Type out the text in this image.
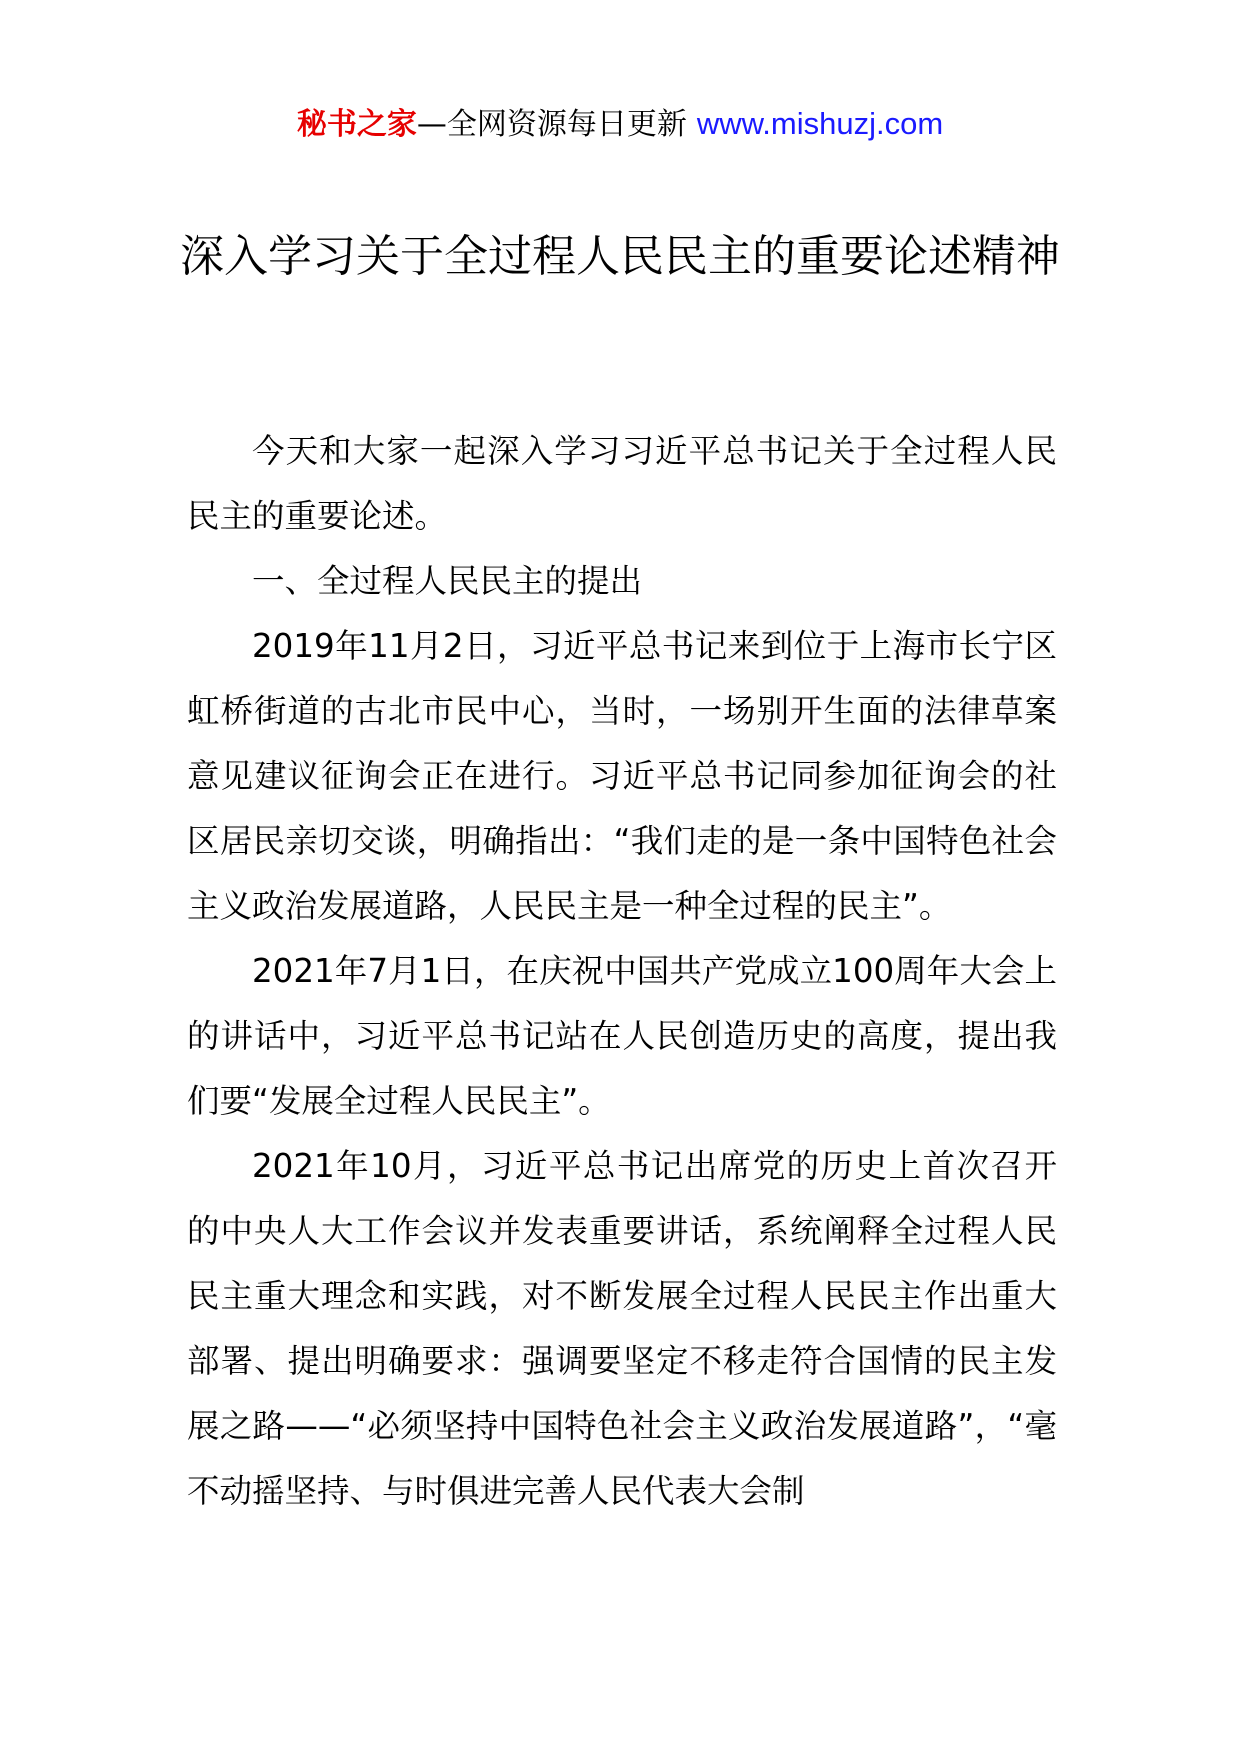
秘书之家—全网资源每日更新 www.mishuzj.com
深入学习关于全过程人民民主的重要论述精神

今天和大家一起深入学习习近平总书记关于全过程人民民主的重要论述。

一、全过程人民民主的提出

2019年11月2日，习近平总书记来到位于上海市长宁区虹桥街道的古北市民中心，当时，一场别开生面的法律草案意见建议征询会正在进行。习近平总书记同参加征询会的社区居民亲切交谈，明确指出：“我们走的是一条中国特色社会主义政治发展道路，人民民主是一种全过程的民主”。

2021年7月1日，在庆祝中国共产党成立100周年大会上的讲话中，习近平总书记站在人民创造历史的高度，提出我们要“发展全过程人民民主”。

2021年10月，习近平总书记出席党的历史上首次召开的中央人大工作会议并发表重要讲话，系统阐释全过程人民民主重大理念和实践，对不断发展全过程人民民主作出重大部署、提出明确要求：强调要坚定不移走符合国情的民主发展之路——“必须坚持中国特色社会主义政治发展道路”，“毫不动摇坚持、与时俱进完善人民代表大会制
